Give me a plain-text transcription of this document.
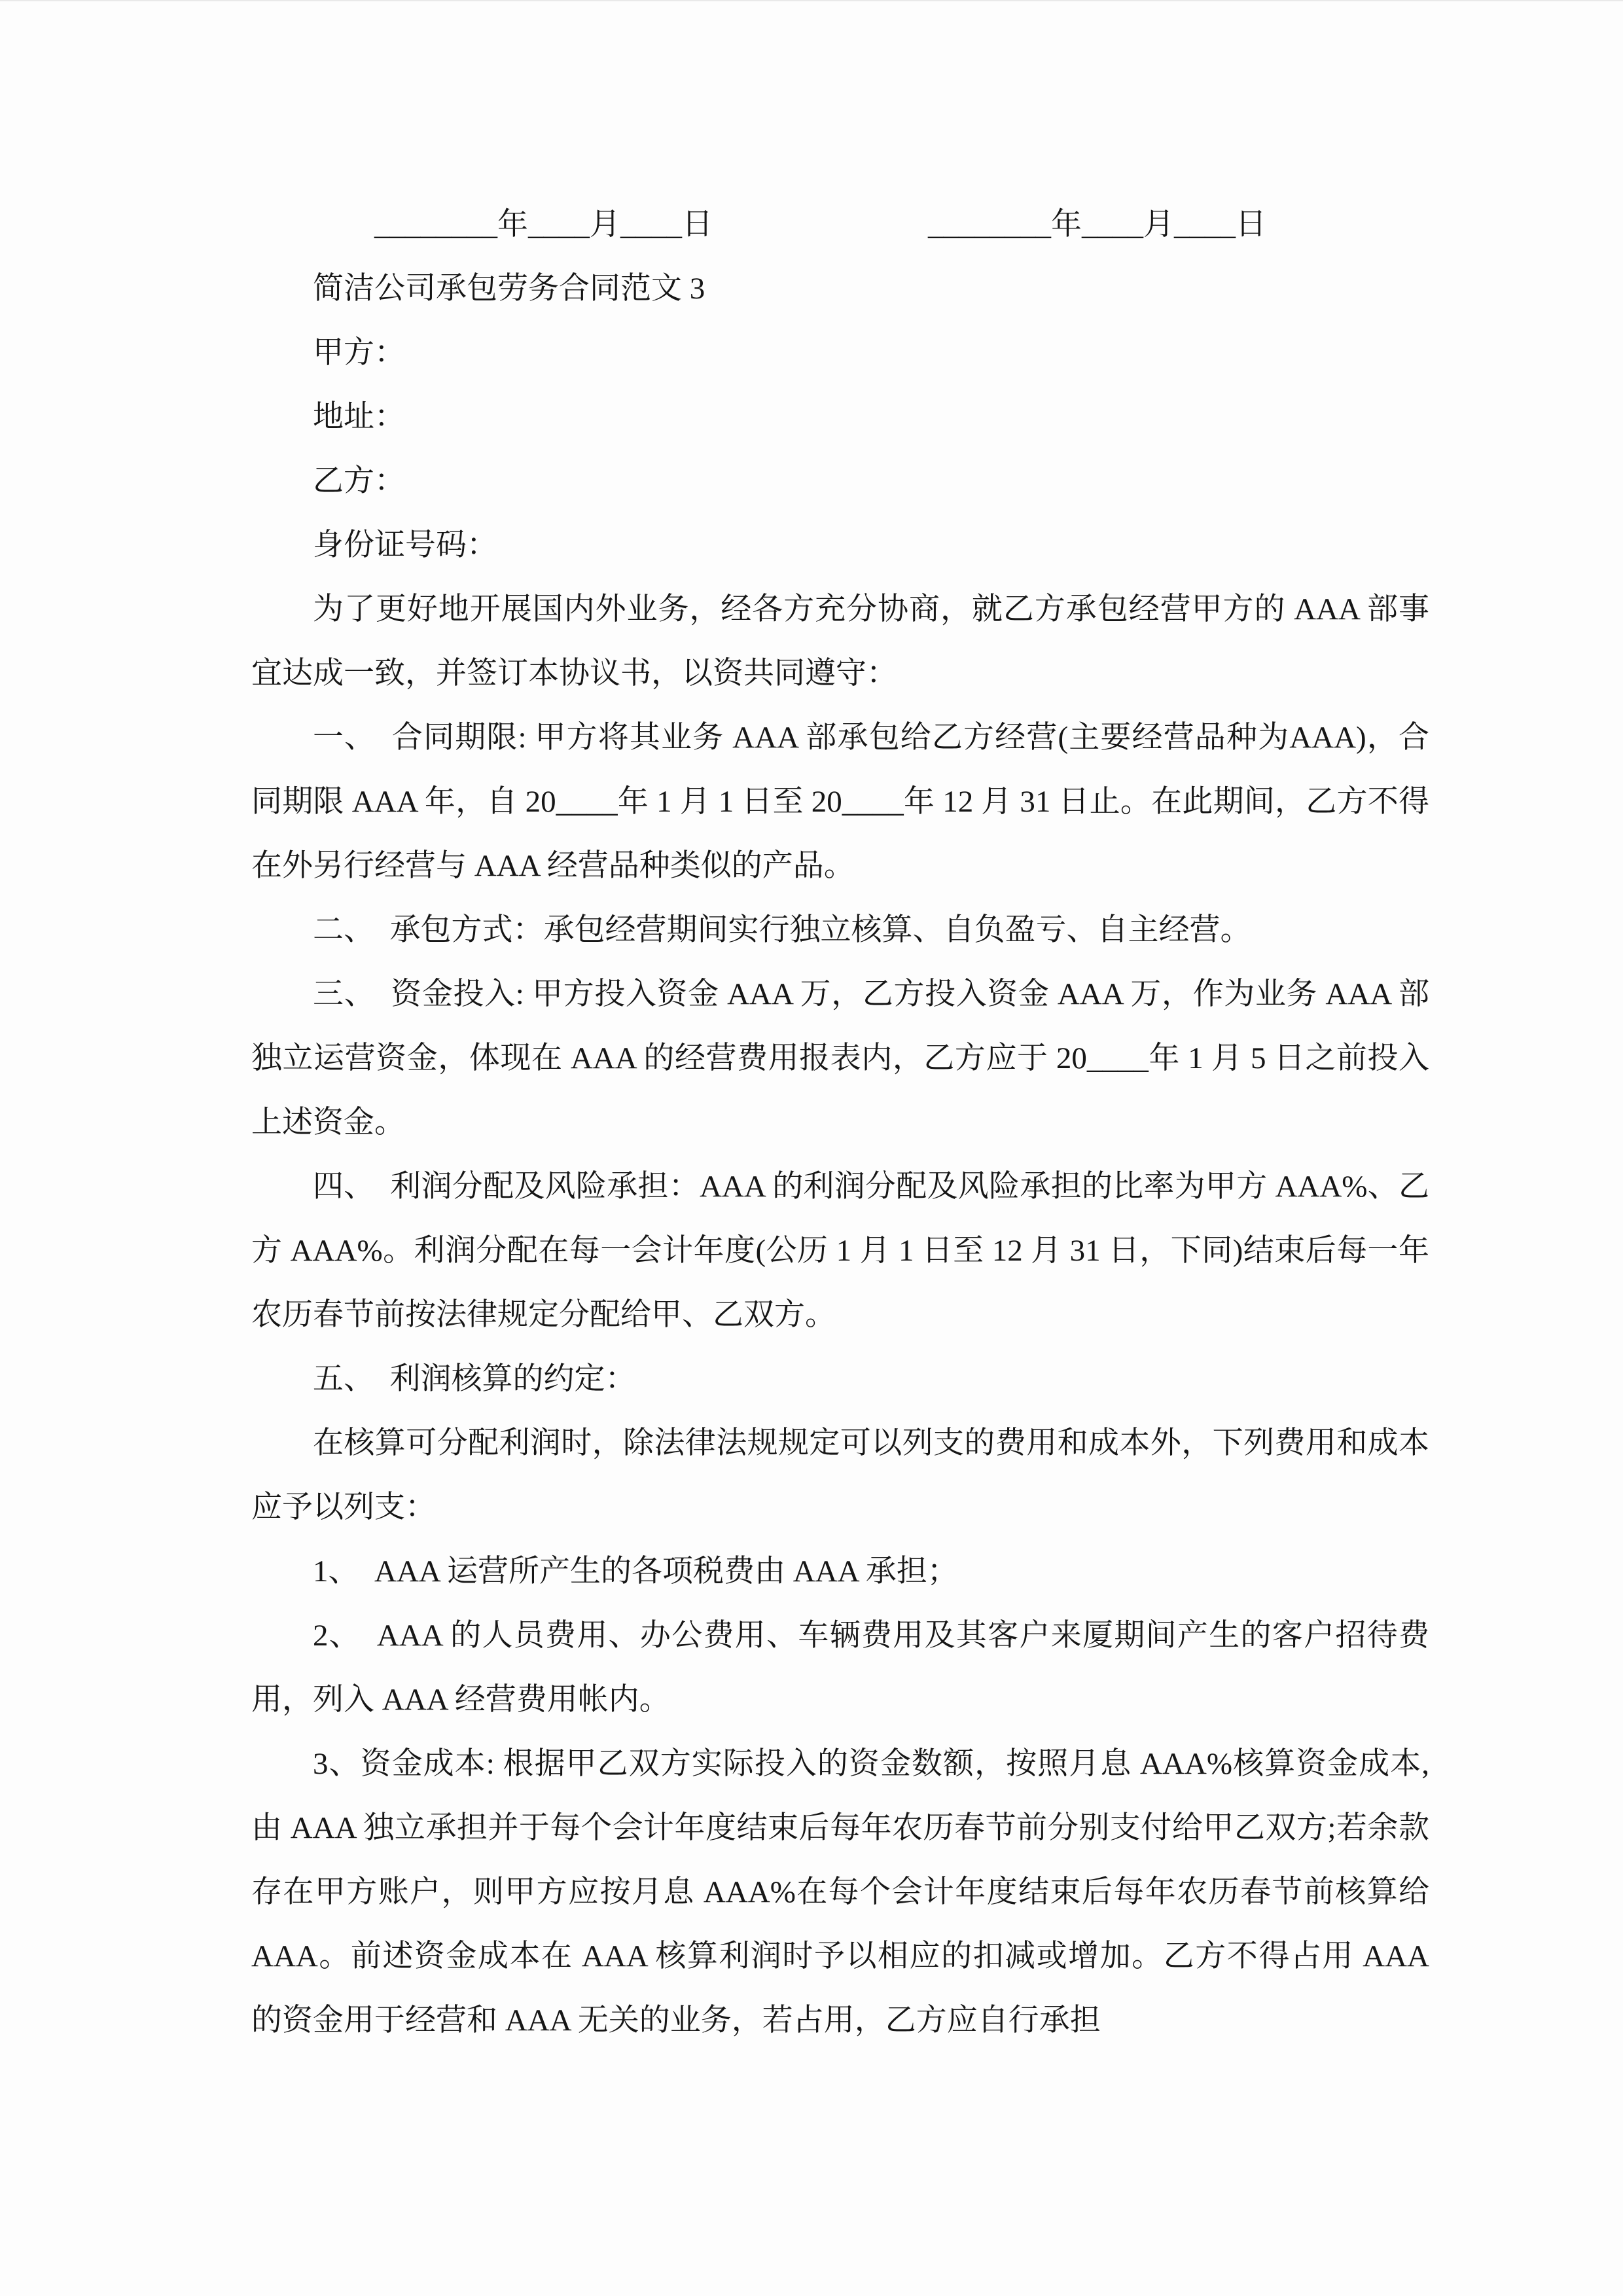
________年____月____日	________年____月____日

简洁公司承包劳务合同范文 3

甲方：

地址：

乙方：

身份证号码：

为了更好地开展国内外业务，经各方充分协商，就乙方承包经营甲方的 AAA 部事宜达成一致，并签订本协议书，以资共同遵守：

一、　合同期限: 甲方将其业务 AAA 部承包给乙方经营(主要经营品种为AAA)，合同期限 AAA 年，自 20____年 1 月 1 日至 20____年 12 月 31 日止。在此期间，乙方不得在外另行经营与 AAA 经营品种类似的产品。

二、　承包方式：承包经营期间实行独立核算、自负盈亏、自主经营。

三、　资金投入: 甲方投入资金 AAA 万，乙方投入资金 AAA 万，作为业务 AAA 部独立运营资金，体现在 AAA 的经营费用报表内，乙方应于 20____年 1 月 5 日之前投入上述资金。

四、　利润分配及风险承担：AAA 的利润分配及风险承担的比率为甲方 AAA%、乙方 AAA%。利润分配在每一会计年度(公历 1 月 1 日至 12 月 31 日，下同)结束后每一年农历春节前按法律规定分配给甲、乙双方。

五、　利润核算的约定：

在核算可分配利润时，除法律法规规定可以列支的费用和成本外，下列费用和成本应予以列支：

1、　AAA 运营所产生的各项税费由 AAA 承担；

2、　AAA 的人员费用、办公费用、车辆费用及其客户来厦期间产生的客户招待费用，列入 AAA 经营费用帐内。

3、资金成本: 根据甲乙双方实际投入的资金数额，按照月息 AAA%核算资金成本,由 AAA 独立承担并于每个会计年度结束后每年农历春节前分别支付给甲乙双方;若余款存在甲方账户，则甲方应按月息 AAA%在每个会计年度结束后每年农历春节前核算给 AAA。前述资金成本在 AAA 核算利润时予以相应的扣减或增加。乙方不得占用 AAA 的资金用于经营和 AAA 无关的业务，若占用，乙方应自行承担
